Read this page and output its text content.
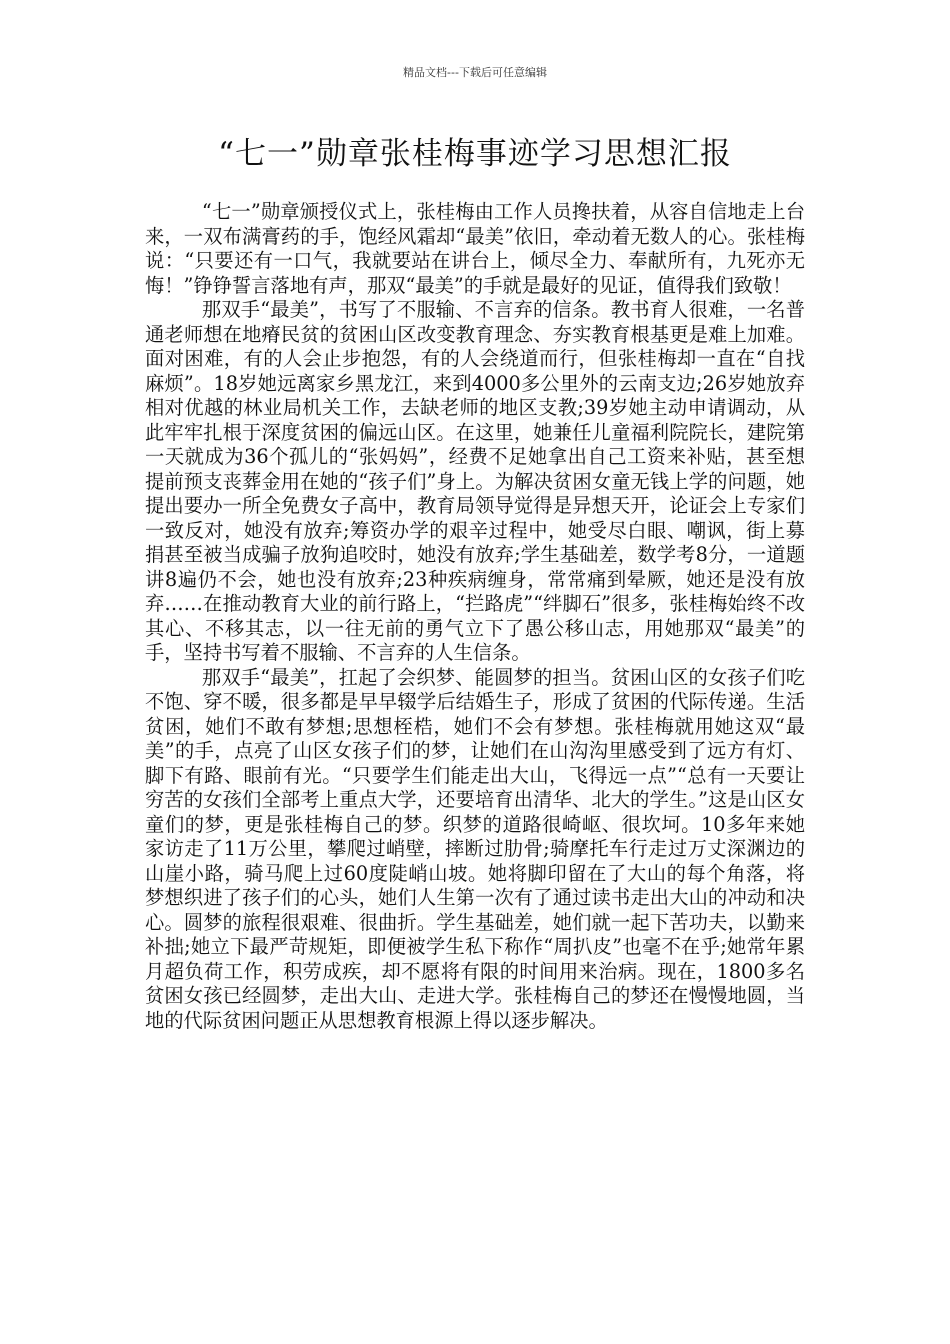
精品文档---下载后可任意编辑
“七一”勋章张桂梅事迹学习思想汇报

“七一”勋章颁授仪式上，张桂梅由工作人员搀扶着，从容自信地走上台来，一双布满膏药的手，饱经风霜却“最美”依旧，牵动着无数人的心。张桂梅说：“只要还有一口气，我就要站在讲台上，倾尽全力、奉献所有，九死亦无悔！”铮铮誓言落地有声，那双“最美”的手就是最好的见证，值得我们致敬！

那双手“最美”，书写了不服输、不言弃的信条。教书育人很难，一名普通老师想在地瘠民贫的贫困山区改变教育理念、夯实教育根基更是难上加难。面对困难，有的人会止步抱怨，有的人会绕道而行，但张桂梅却一直在“自找麻烦”。18岁她远离家乡黑龙江，来到4000多公里外的云南支边;26岁她放弃相对优越的林业局机关工作，去缺老师的地区支教;39岁她主动申请调动，从此牢牢扎根于深度贫困的偏远山区。在这里，她兼任儿童福利院院长，建院第一天就成为36个孤儿的“张妈妈”，经费不足她拿出自己工资来补贴，甚至想提前预支丧葬金用在她的“孩子们”身上。为解决贫困女童无钱上学的问题，她提出要办一所全免费女子高中，教育局领导觉得是异想天开，论证会上专家们一致反对，她没有放弃;筹资办学的艰辛过程中，她受尽白眼、嘲讽，街上募捐甚至被当成骗子放狗追咬时，她没有放弃;学生基础差，数学考8分，一道题讲8遍仍不会，她也没有放弃;23种疾病缠身，常常痛到晕厥，她还是没有放弃……在推动教育大业的前行路上，“拦路虎”“绊脚石”很多，张桂梅始终不改其心、不移其志，以一往无前的勇气立下了愚公移山志，用她那双“最美”的手，坚持书写着不服输、不言弃的人生信条。

那双手“最美”，扛起了会织梦、能圆梦的担当。贫困山区的女孩子们吃不饱、穿不暖，很多都是早早辍学后结婚生子，形成了贫困的代际传递。生活贫困，她们不敢有梦想;思想桎梏，她们不会有梦想。张桂梅就用她这双“最美”的手，点亮了山区女孩子们的梦，让她们在山沟沟里感受到了远方有灯、脚下有路、眼前有光。“只要学生们能走出大山，飞得远一点”“总有一天要让穷苦的女孩们全部考上重点大学，还要培育出清华、北大的学生。”这是山区女童们的梦，更是张桂梅自己的梦。织梦的道路很崎岖、很坎坷。10多年来她家访走了11万公里，攀爬过峭壁，摔断过肋骨;骑摩托车行走过万丈深渊边的山崖小路，骑马爬上过60度陡峭山坡。她将脚印留在了大山的每个角落，将梦想织进了孩子们的心头，她们人生第一次有了通过读书走出大山的冲动和决心。圆梦的旅程很艰难、很曲折。学生基础差，她们就一起下苦功夫，以勤来补拙;她立下最严苛规矩，即便被学生私下称作“周扒皮”也毫不在乎;她常年累月超负荷工作，积劳成疾，却不愿将有限的时间用来治病。现在，1800多名贫困女孩已经圆梦，走出大山、走进大学。张桂梅自己的梦还在慢慢地圆，当地的代际贫困问题正从思想教育根源上得以逐步解决。
